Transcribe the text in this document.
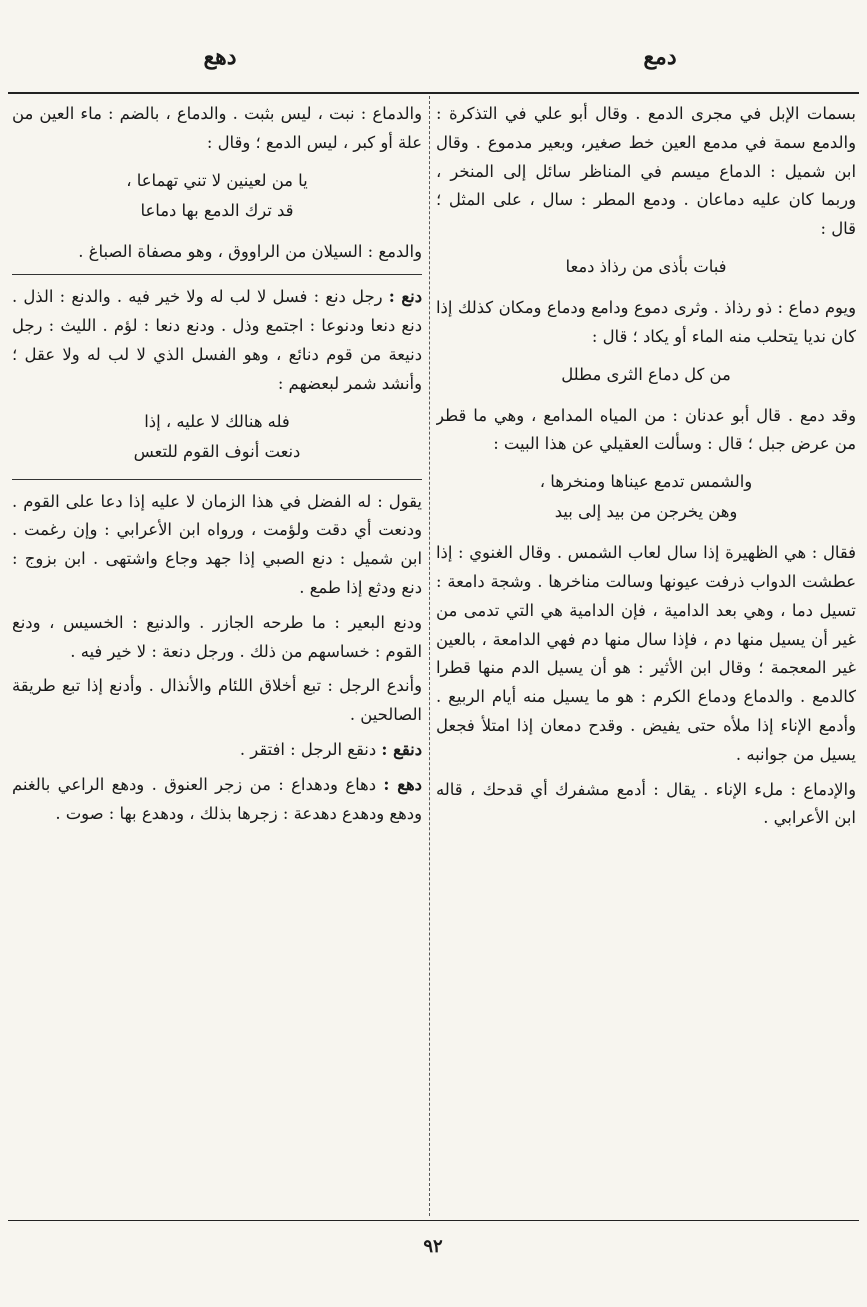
دمع
دهع

بسمات الإبل في مجرى الدمع . وقال أبو علي في التذكرة : والدمع سمة في مدمع العين خط صغير، وبعير مدموع . وقال ابن شميل : الدماع ميسم في المناظر سائل إلى المنخر ، وربما كان عليه دماعان . ودمع المطر : سال ، على المثل ؛ قال :

فبات بأذى من رذاذ دمعا

ويوم دماع : ذو رذاذ . وثرى دموع ودامع ودماع ومكان كذلك إذا كان نديا يتحلب منه الماء أو يكاد ؛ قال :

من كل دماع الثرى مطلل

وقد دمع . قال أبو عدنان : من المياه المدامع ، وهي ما قطر من عرض جبل ؛ قال : وسألت العقيلي عن هذا البيت :

والشمس تدمع عيناها ومنخرها ،
وهن يخرجن من بيد إلى بيد

فقال : هي الظهيرة إذا سال لعاب الشمس . وقال الغنوي : إذا عطشت الدواب ذرفت عيونها وسالت مناخرها . وشجة دامعة : تسيل دما ، وهي بعد الدامية ، فإن الدامية هي التي تدمى من غير أن يسيل منها دم ، فإذا سال منها دم فهي الدامعة ، بالعين غير المعجمة ؛ وقال ابن الأثير : هو أن يسيل الدم منها قطرا كالدمع . والدماع ودماع الكرم : هو ما يسيل منه أيام الربيع . وأدمع الإناء إذا ملأه حتى يفيض . وقدح دمعان إذا امتلأ فجعل يسيل من جوانبه .

والإدماع : ملء الإناء . يقال : أدمع مشفرك أي قدحك ، قاله ابن الأعرابي .

والدماع : نبت ، ليس بثبت . والدماع ، بالضم : ماء العين من علة أو كبر ، ليس الدمع ؛ وقال :

يا من لعينين لا تني تهماعا ،
قد ترك الدمع بها دماعا

والدمع : السيلان من الراووق ، وهو مصفاة الصباغ .

دنع : رجل دنع : فسل لا لب له ولا خير فيه . والدنع : الذل . دنع دنعا ودنوعا : اجتمع وذل . ودنع دنعا : لؤم . الليث : رجل دنيعة من قوم دنائع ، وهو الفسل الذي لا لب له ولا عقل ؛ وأنشد شمر لبعضهم :

فله هنالك لا عليه ، إذا
دنعت أنوف القوم للتعس

يقول : له الفضل في هذا الزمان لا عليه إذا دعا على القوم . ودنعت أي دقت ولؤمت ، ورواه ابن الأعرابي : وإن رغمت . ابن شميل : دنع الصبي إذا جهد وجاع واشتهى . ابن بزوج : دنع ودثع إذا طمع .

ودنع البعير : ما طرحه الجازر . والدنيع : الخسيس ، ودنع القوم : خساسهم من ذلك . ورجل دنعة : لا خير فيه .

وأندع الرجل : تبع أخلاق اللئام والأنذال . وأدنع إذا تبع طريقة الصالحين .

دنقع : دنقع الرجل : افتقر .

دهع : دهاع ودهداع : من زجر العنوق . ودهع الراعي بالغنم ودهع ودهدع دهدعة : زجرها بذلك ، ودهدع بها : صوت .

٩٢
